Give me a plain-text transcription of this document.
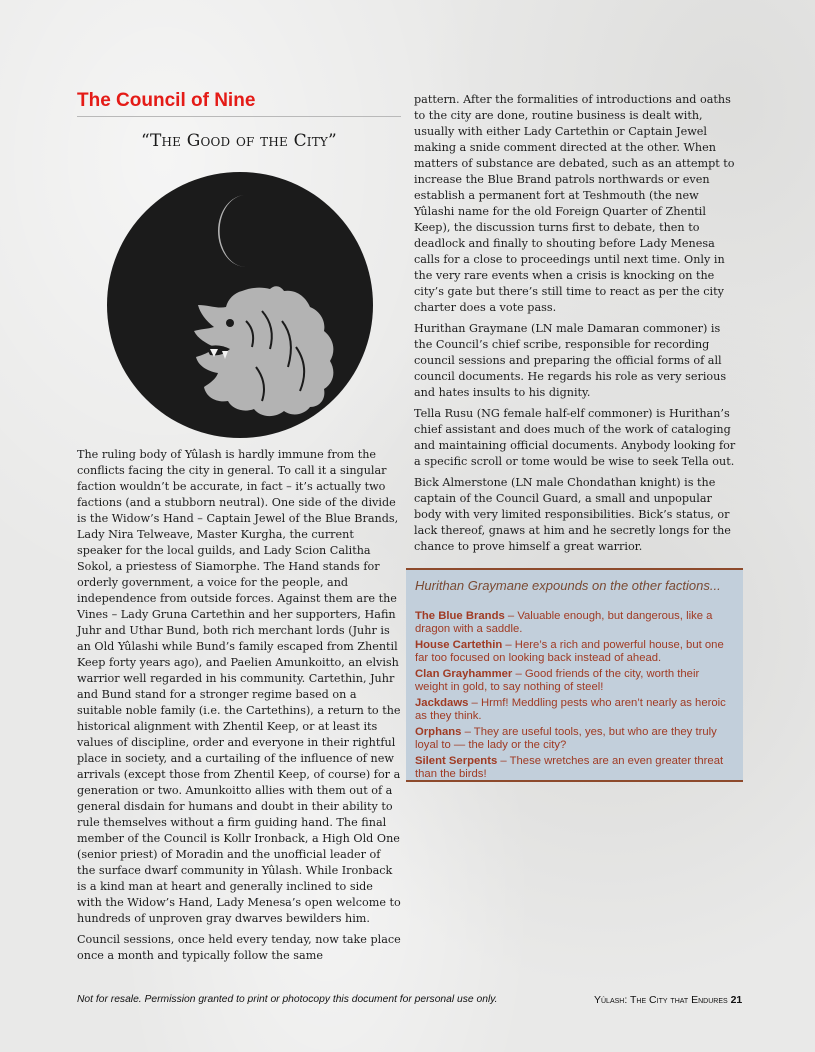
The Council of Nine
“The Good of the City”

The ruling body of Yûlash is hardly immune from the conflicts facing the city in general. To call it a singular faction wouldn’t be accurate, in fact – it’s actually two factions (and a stubborn neutral). One side of the divide is the Widow’s Hand – Captain Jewel of the Blue Brands, Lady Nira Telweave, Master Kurgha, the current speaker for the local guilds, and Lady Scion Calitha Sokol, a priestess of Siamorphe. The Hand stands for orderly government, a voice for the people, and independence from outside forces. Against them are the Vines – Lady Gruna Cartethin and her supporters, Hafin Juhr and Uthar Bund, both rich merchant lords (Juhr is an Old Yûlashi while Bund’s family escaped from Zhentil Keep forty years ago), and Paelien Amunkoitto, an elvish warrior well regarded in his community. Cartethin, Juhr and Bund stand for a stronger regime based on a suitable noble family (i.e. the Cartethins), a return to the historical alignment with Zhentil Keep, or at least its values of discipline, order and everyone in their rightful place in society, and a curtailing of the influence of new arrivals (except those from Zhentil Keep, of course) for a generation or two. Amunkoitto allies with them out of a general disdain for humans and doubt in their ability to rule themselves without a firm guiding hand. The final member of the Council is Kollr Ironback, a High Old One (senior priest) of Moradin and the unofficial leader of the surface dwarf community in Yûlash. While Ironback is a kind man at heart and generally inclined to side with the Widow’s Hand, Lady Menesa’s open welcome to hundreds of unproven gray dwarves bewilders him.

Council sessions, once held every tenday, now take place once a month and typically follow the same

pattern. After the formalities of introductions and oaths to the city are done, routine business is dealt with, usually with either Lady Cartethin or Captain Jewel making a snide comment directed at the other. When matters of substance are debated, such as an attempt to increase the Blue Brand patrols northwards or even establish a permanent fort at Teshmouth (the new Yûlashi name for the old Foreign Quarter of Zhentil Keep), the discussion turns first to debate, then to deadlock and finally to shouting before Lady Menesa calls for a close to proceedings until next time. Only in the very rare events when a crisis is knocking on the city’s gate but there’s still time to react as per the city charter does a vote pass.

Hurithan Graymane (LN male Damaran commoner) is the Council’s chief scribe, responsible for recording council sessions and preparing the official forms of all council documents. He regards his role as very serious and hates insults to his dignity.

Tella Rusu (NG female half-elf commoner) is Hurithan’s chief assistant and does much of the work of cataloging and maintaining official documents. Anybody looking for a specific scroll or tome would be wise to seek Tella out.

Bick Almerstone (LN male Chondathan knight) is the captain of the Council Guard, a small and unpopular body with very limited responsibilities. Bick’s status, or lack thereof, gnaws at him and he secretly longs for the chance to prove himself a great warrior.

Hurithan Graymane expounds on the other factions...
The Blue Brands – Valuable enough, but dangerous, like a dragon with a saddle.
House Cartethin – Here’s a rich and powerful house, but one far too focused on looking back instead of ahead.
Clan Grayhammer – Good friends of the city, worth their weight in gold, to say nothing of steel!
Jackdaws – Hrmf! Meddling pests who aren’t nearly as heroic as they think.
Orphans – They are useful tools, yes, but who are they truly loyal to — the lady or the city?
Silent Serpents – These wretches are an even greater threat than the birds!
Not for resale. Permission granted to print or photocopy this document for personal use only.	Yûlash: The City that Endures 21
